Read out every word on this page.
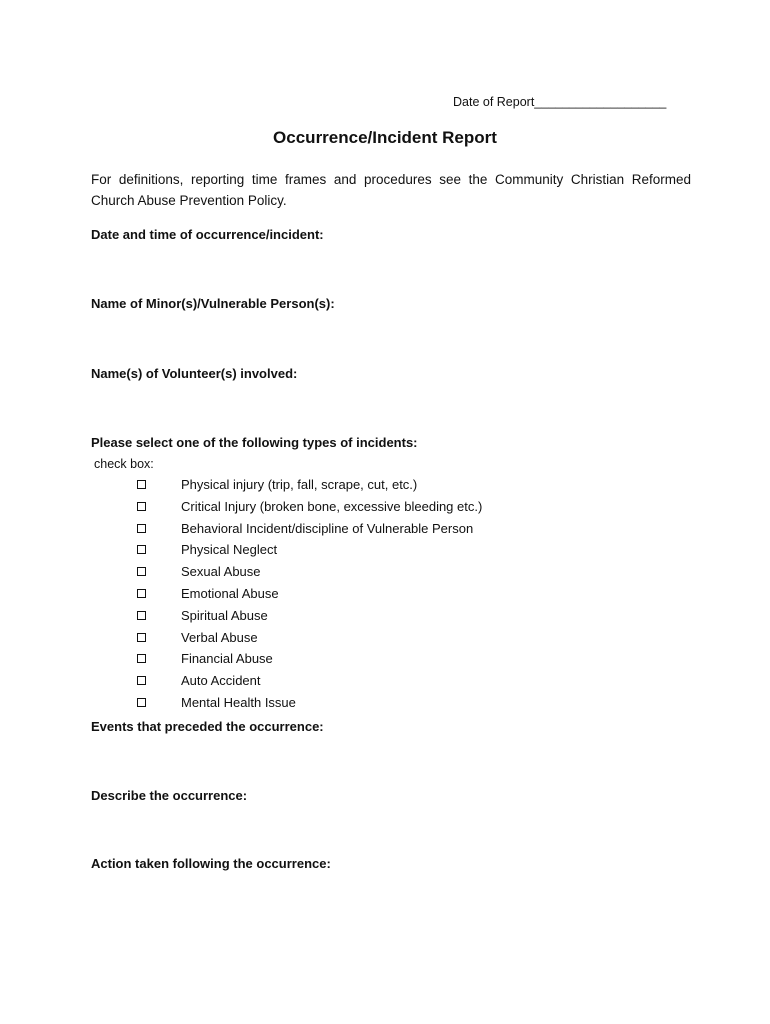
Date of Report___________________
Occurrence/Incident Report
For definitions, reporting time frames and procedures see the Community Christian Reformed Church Abuse Prevention Policy.
Date and time of occurrence/incident:
Name of Minor(s)/Vulnerable Person(s):
Name(s) of Volunteer(s) involved:
Please select one of the following types of incidents:
check box:
Physical injury (trip, fall, scrape, cut, etc.)
Critical Injury (broken bone, excessive bleeding etc.)
Behavioral Incident/discipline of Vulnerable Person
Physical Neglect
Sexual Abuse
Emotional Abuse
Spiritual Abuse
Verbal Abuse
Financial Abuse
Auto Accident
Mental Health Issue
Events that preceded the occurrence:
Describe the occurrence:
Action taken following the occurrence:
